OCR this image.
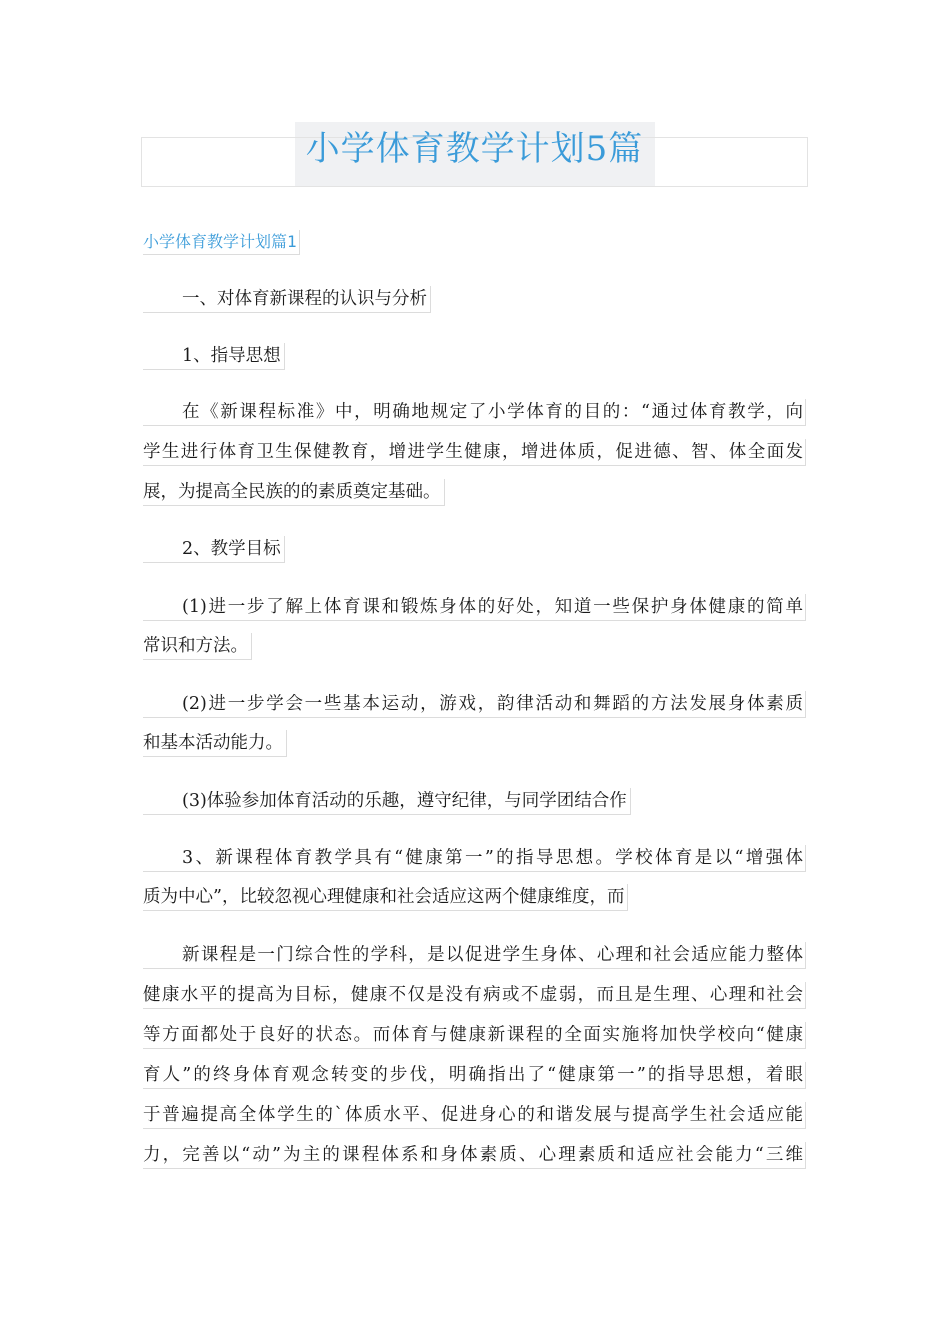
小学体育教学计划5篇
小学体育教学计划篇1
一、对体育新课程的认识与分析
1、指导思想
在《新课程标准》中，明确地规定了小学体育的目的：“通过体育教学，向
学生进行体育卫生保健教育，增进学生健康，增进体质，促进德、智、体全面发
展，为提高全民族的的素质奠定基础。
2、教学目标
(1)进一步了解上体育课和锻炼身体的好处，知道一些保护身体健康的简单
常识和方法。
(2)进一步学会一些基本运动，游戏，韵律活动和舞蹈的方法发展身体素质
和基本活动能力。
(3)体验参加体育活动的乐趣，遵守纪律，与同学团结合作
3、新课程体育教学具有“健康第一”的指导思想。学校体育是以“增强体
质为中心”，比较忽视心理健康和社会适应这两个健康维度，而
新课程是一门综合性的学科，是以促进学生身体、心理和社会适应能力整体
健康水平的提高为目标，健康不仅是没有病或不虚弱，而且是生理、心理和社会
等方面都处于良好的状态。而体育与健康新课程的全面实施将加快学校向“健康
育人”的终身体育观念转变的步伐，明确指出了“健康第一”的指导思想，着眼
于普遍提高全体学生的`体质水平、促进身心的和谐发展与提高学生社会适应能
力，完善以“动”为主的课程体系和身体素质、心理素质和适应社会能力“三维
